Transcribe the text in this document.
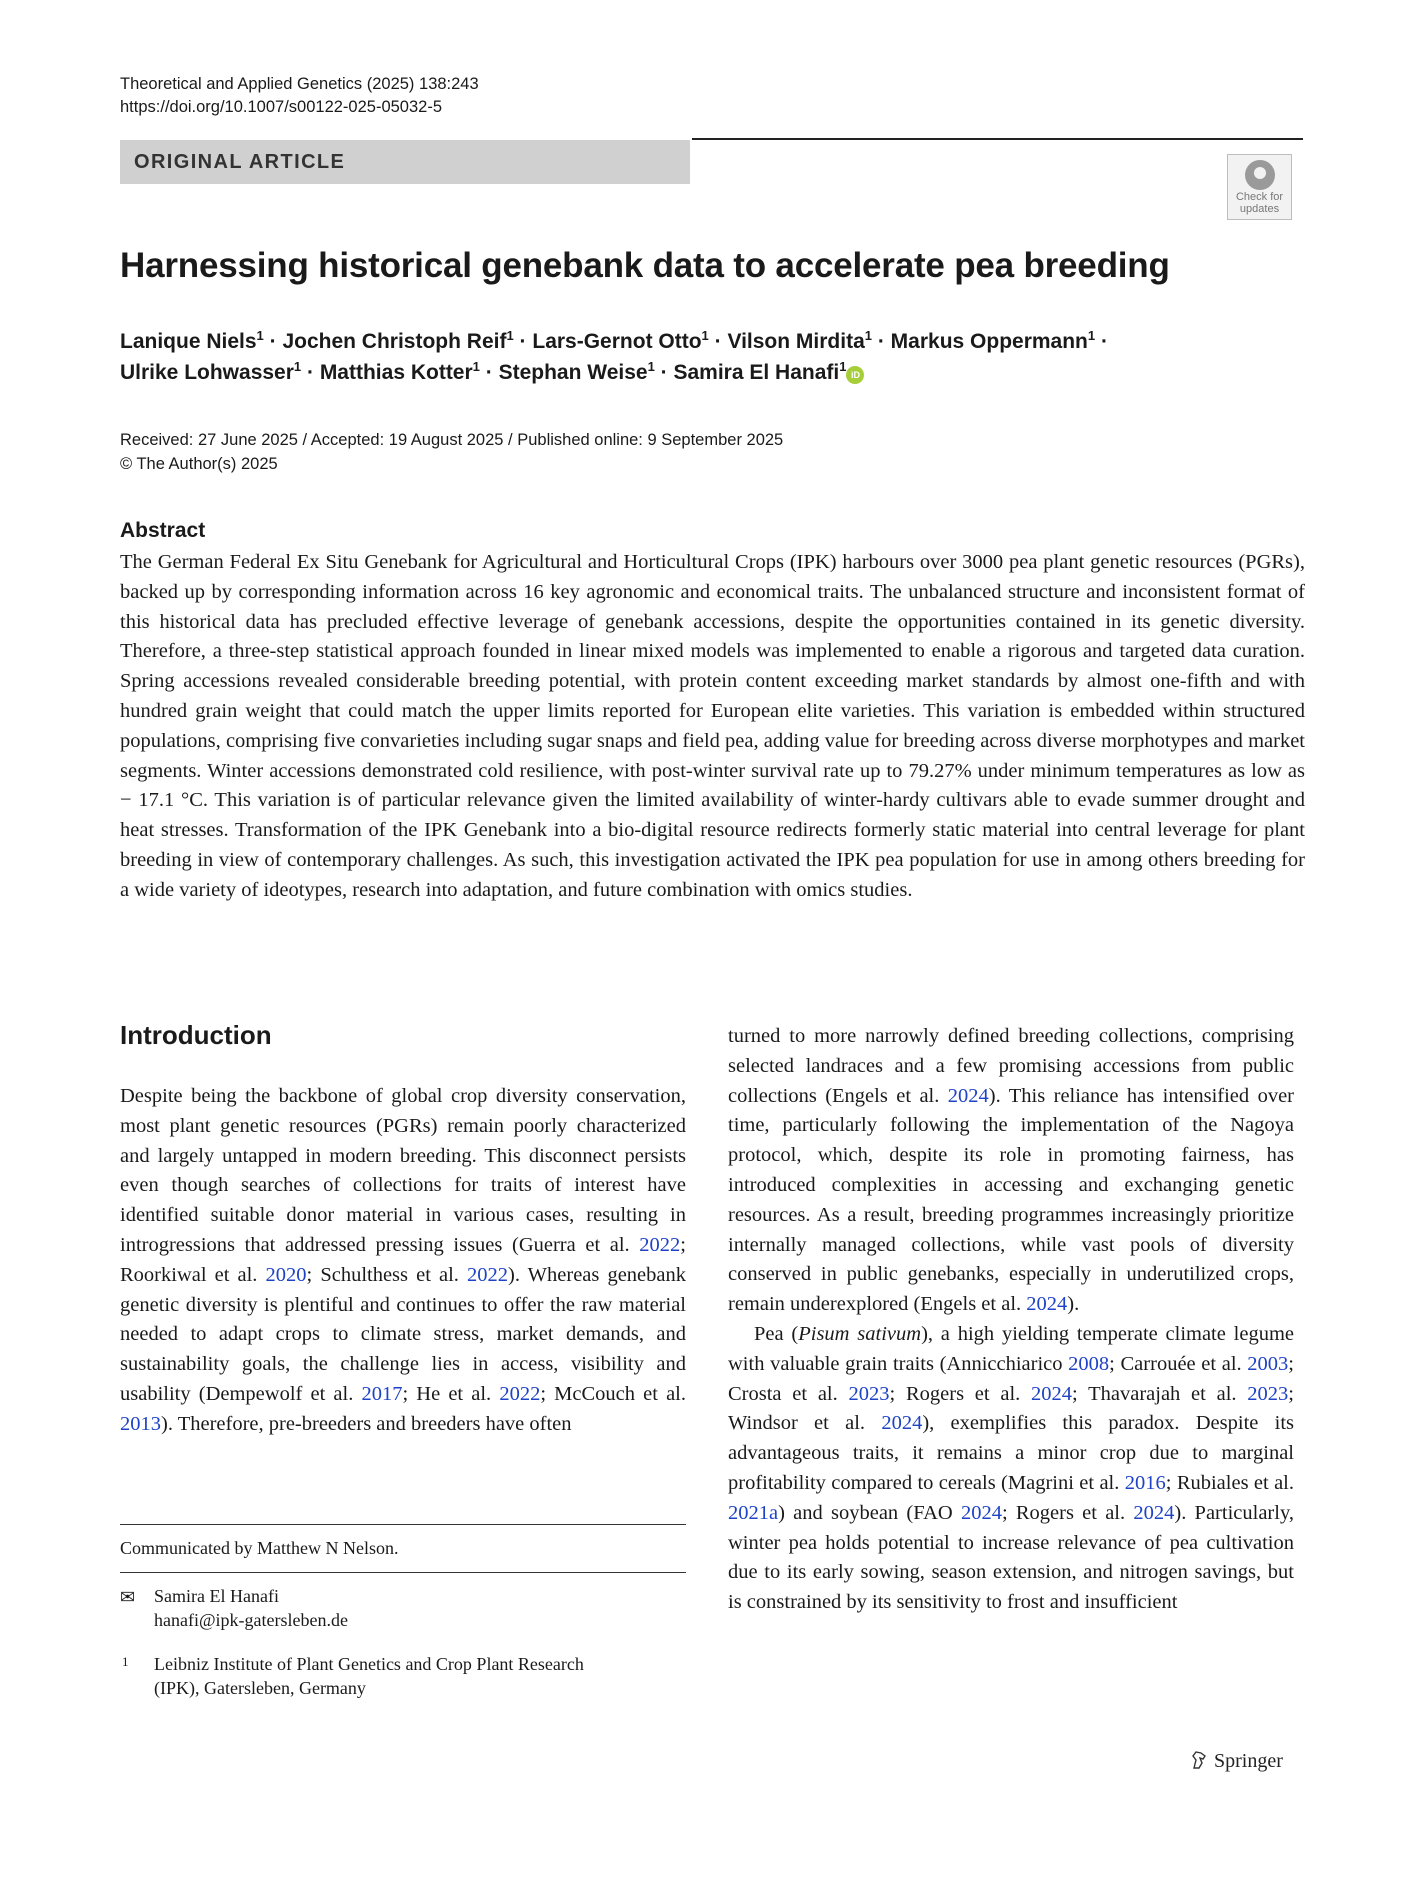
Theoretical and Applied Genetics (2025) 138:243
https://doi.org/10.1007/s00122-025-05032-5
ORIGINAL ARTICLE
Check for
updates
Harnessing historical genebank data to accelerate pea breeding
Lanique Niels$^1$ · Jochen Christoph Reif$^1$ · Lars-Gernot Otto$^1$ · Vilson Mirdita$^1$ · Markus Oppermann$^1$ ·
Ulrike Lohwasser$^1$ · Matthias Kotter$^1$ · Stephan Weise$^1$ · Samira El Hanafi$^1$iD
Received: 27 June 2025 / Accepted: 19 August 2025 / Published online: 9 September 2025
© The Author(s) 2025
Abstract
The German Federal Ex Situ Genebank for Agricultural and Horticultural Crops (IPK) harbours over 3000 pea plant genetic resources (PGRs), backed up by corresponding information across 16 key agronomic and economical traits. The unbalanced structure and inconsistent format of this historical data has precluded effective leverage of genebank accessions, despite the opportunities contained in its genetic diversity. Therefore, a three-step statistical approach founded in linear mixed models was implemented to enable a rigorous and targeted data curation. Spring accessions revealed considerable breeding potential, with protein content exceeding market standards by almost one-fifth and with hundred grain weight that could match the upper limits reported for European elite varieties. This variation is embedded within structured populations, comprising five convarieties including sugar snaps and field pea, adding value for breeding across diverse morphotypes and market segments. Winter accessions demonstrated cold resilience, with post-winter survival rate up to 79.27% under minimum temperatures as low as − 17.1 °C. This variation is of particular relevance given the limited availability of winter-hardy cultivars able to evade summer drought and heat stresses. Transformation of the IPK Genebank into a bio-digital resource redirects formerly static material into central leverage for plant breeding in view of contemporary challenges. As such, this investigation activated the IPK pea population for use in among others breeding for a wide variety of ideotypes, research into adaptation, and future combination with omics studies.
Introduction

Despite being the backbone of global crop diversity conservation, most plant genetic resources (PGRs) remain poorly characterized and largely untapped in modern breeding. This disconnect persists even though searches of collections for traits of interest have identified suitable donor material in various cases, resulting in introgressions that addressed pressing issues (Guerra et al. 2022; Roorkiwal et al. 2020; Schulthess et al. 2022). Whereas genebank genetic diversity is plentiful and continues to offer the raw material needed to adapt crops to climate stress, market demands, and sustainability goals, the challenge lies in access, visibility and usability (Dempewolf et al. 2017; He et al. 2022; McCouch et al. 2013). Therefore, pre-breeders and breeders have often

turned to more narrowly defined breeding collections, comprising selected landraces and a few promising accessions from public collections (Engels et al. 2024). This reliance has intensified over time, particularly following the implementation of the Nagoya protocol, which, despite its role in promoting fairness, has introduced complexities in accessing and exchanging genetic resources. As a result, breeding programmes increasingly prioritize internally managed collections, while vast pools of diversity conserved in public genebanks, especially in underutilized crops, remain underexplored (Engels et al. 2024).

Pea (Pisum sativum), a high yielding temperate climate legume with valuable grain traits (Annicchiarico 2008; Carrouée et al. 2003; Crosta et al. 2023; Rogers et al. 2024; Thavarajah et al. 2023; Windsor et al. 2024), exemplifies this paradox. Despite its advantageous traits, it remains a minor crop due to marginal profitability compared to cereals (Magrini et al. 2016; Rubiales et al. 2021a) and soybean (FAO 2024; Rogers et al. 2024). Particularly, winter pea holds potential to increase relevance of pea cultivation due to its early sowing, season extension, and nitrogen savings, but is constrained by its sensitivity to frost and insufficient

Communicated by Matthew N Nelson.
✉ Samira El Hanafi
hanafi@ipk-gatersleben.de
1 Leibniz Institute of Plant Genetics and Crop Plant Research
(IPK), Gatersleben, Germany
Springer
